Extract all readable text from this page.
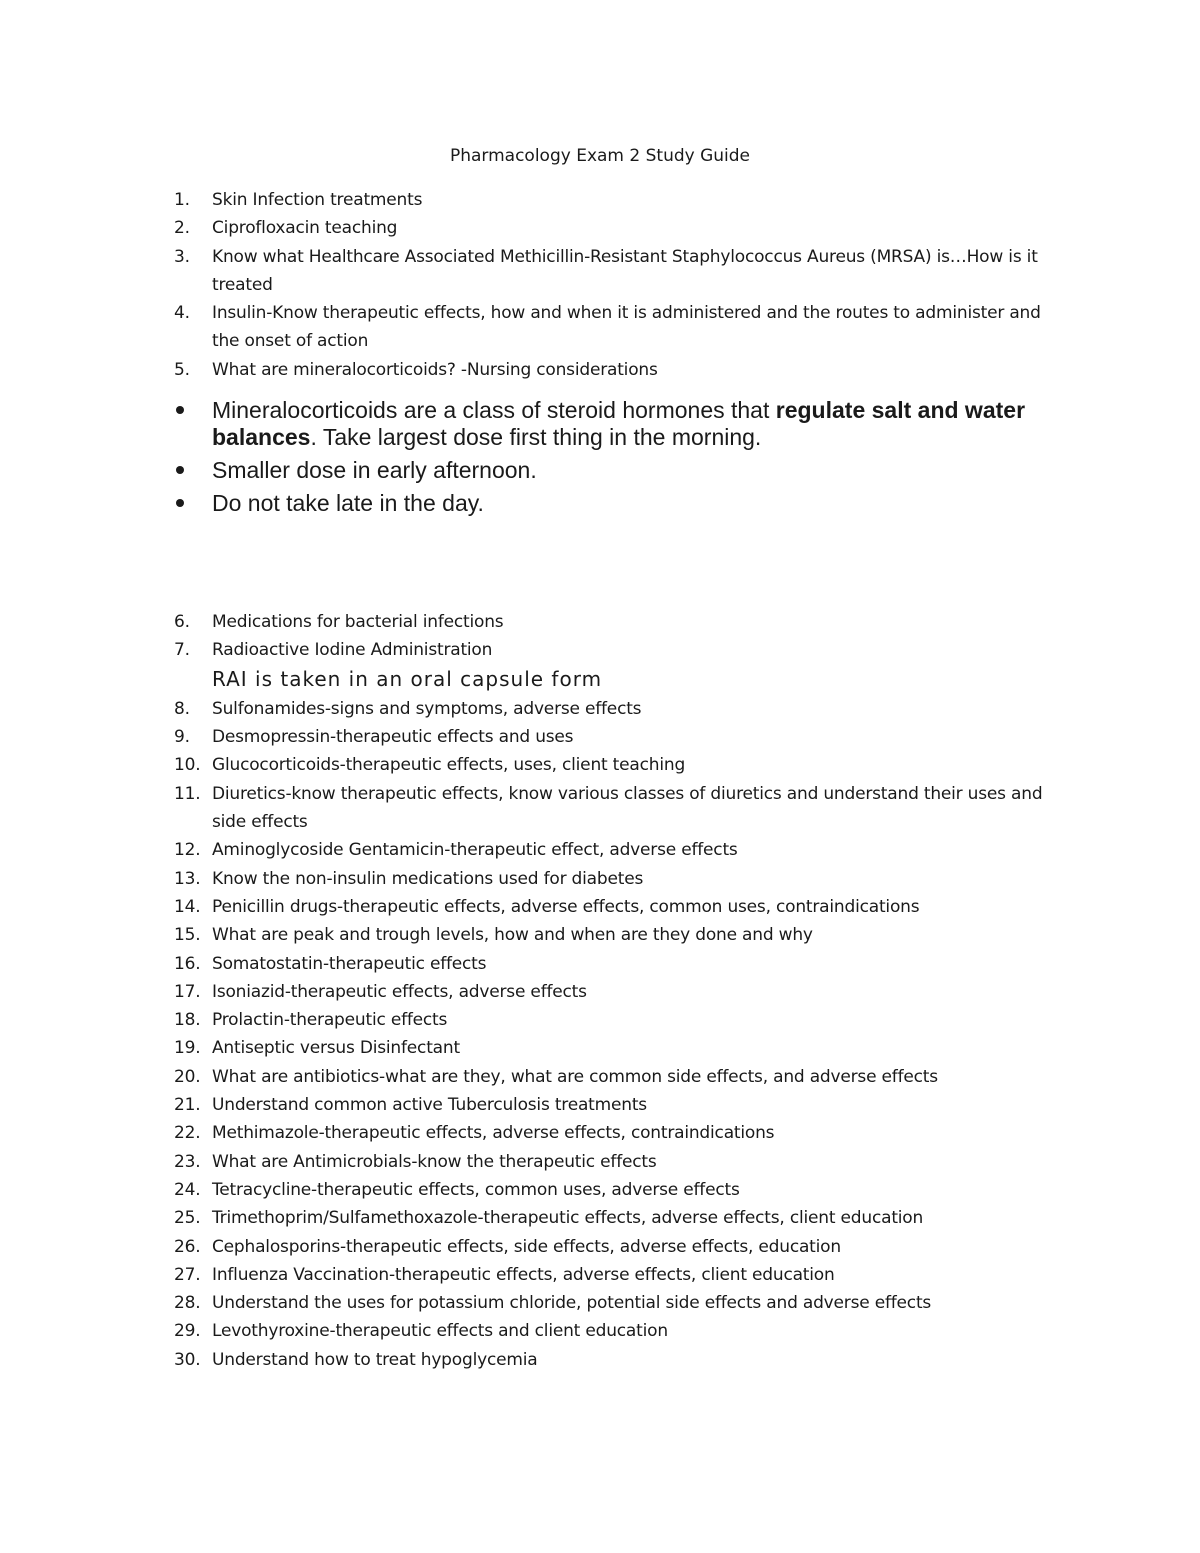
Pharmacology Exam 2 Study Guide
1.	Skin Infection treatments
2.	Ciprofloxacin teaching
3.	Know what Healthcare Associated Methicillin-Resistant Staphylococcus Aureus (MRSA) is…How is it treated
4.	Insulin-Know therapeutic effects, how and when it is administered and the routes to administer and the onset of action
5.	What are mineralocorticoids? -Nursing considerations
Mineralocorticoids are a class of steroid hormones that regulate salt and water balances. Take largest dose first thing in the morning.
Smaller dose in early afternoon.
Do not take late in the day.
6.	Medications for bacterial infections
7.	Radioactive Iodine Administration
RAI is taken in an oral capsule form
8.	Sulfonamides-signs and symptoms, adverse effects
9.	Desmopressin-therapeutic effects and uses
10. Glucocorticoids-therapeutic effects, uses, client teaching
11. Diuretics-know therapeutic effects, know various classes of diuretics and understand their uses and side effects
12. Aminoglycoside Gentamicin-therapeutic effect, adverse effects
13. Know the non-insulin medications used for diabetes
14. Penicillin drugs-therapeutic effects, adverse effects, common uses, contraindications
15. What are peak and trough levels, how and when are they done and why
16. Somatostatin-therapeutic effects
17. Isoniazid-therapeutic effects, adverse effects
18. Prolactin-therapeutic effects
19. Antiseptic versus Disinfectant
20. What are antibiotics-what are they, what are common side effects, and adverse effects
21. Understand common active Tuberculosis treatments
22. Methimazole-therapeutic effects, adverse effects, contraindications
23. What are Antimicrobials-know the therapeutic effects
24. Tetracycline-therapeutic effects, common uses, adverse effects
25. Trimethoprim/Sulfamethoxazole-therapeutic effects, adverse effects, client education
26. Cephalosporins-therapeutic effects, side effects, adverse effects, education
27. Influenza Vaccination-therapeutic effects, adverse effects, client education
28. Understand the uses for potassium chloride, potential side effects and adverse effects
29. Levothyroxine-therapeutic effects and client education
30. Understand how to treat hypoglycemia
